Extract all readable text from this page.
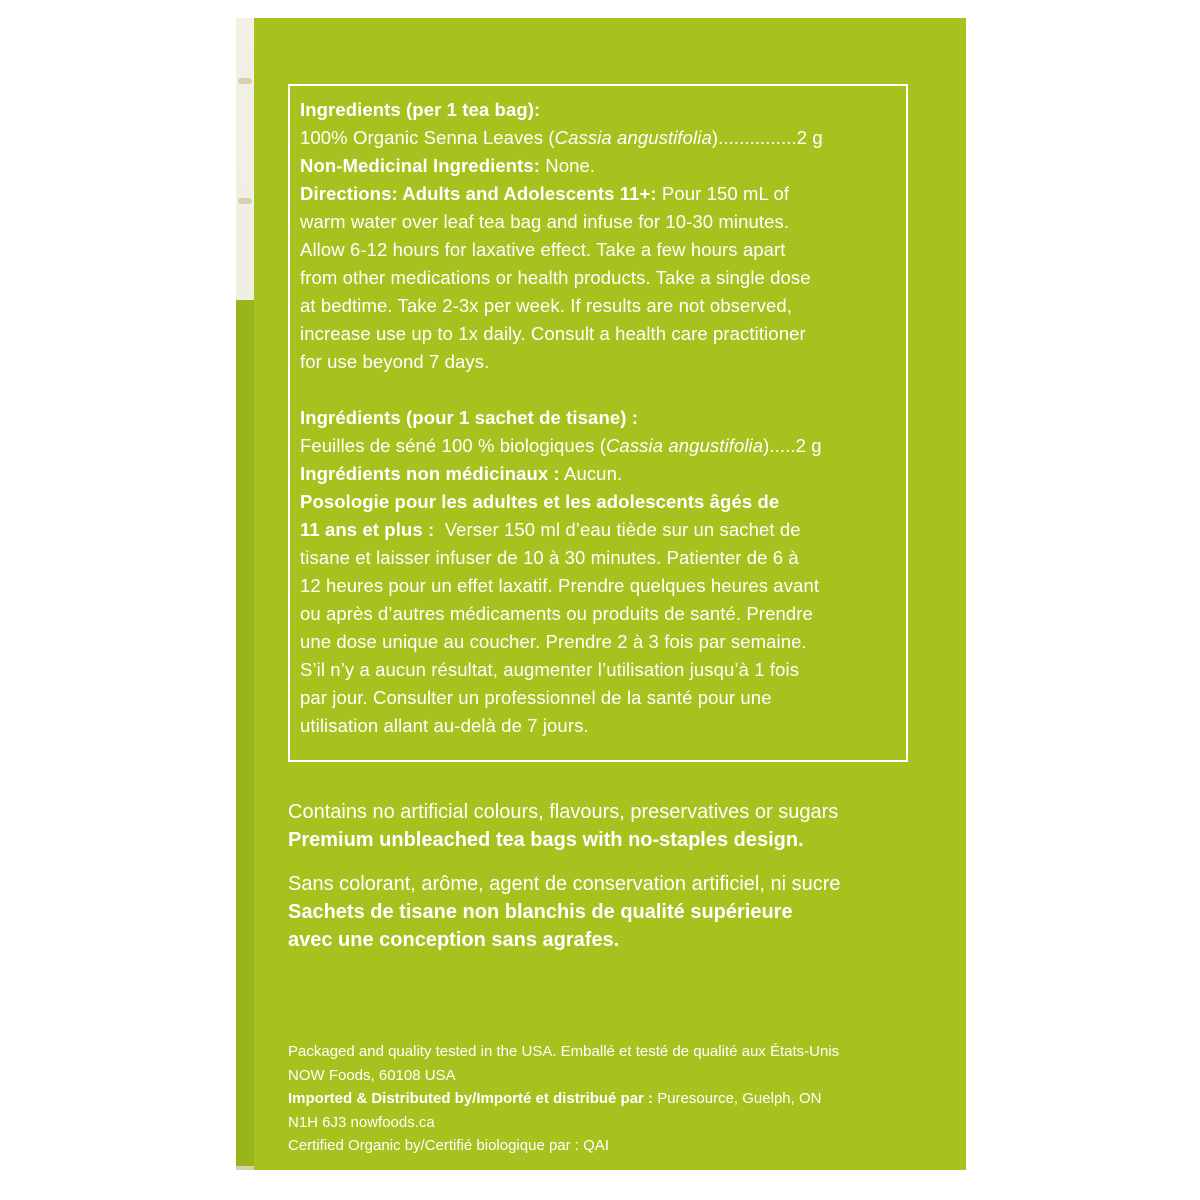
Ingredients (per 1 tea bag):

100% Organic Senna Leaves (Cassia angustifolia)...............2 g

Non-Medicinal Ingredients: None.

Directions: Adults and Adolescents 11+: Pour 150 mL of

warm water over leaf tea bag and infuse for 10-30 minutes.

Allow 6-12 hours for laxative effect. Take a few hours apart

from other medications or health products. Take a single dose

at bedtime. Take 2-3x per week. If results are not observed,

increase use up to 1x daily. Consult a health care practitioner

for use beyond 7 days.

Ingrédients (pour 1 sachet de tisane) :

Feuilles de séné 100 % biologiques (Cassia angustifolia).....2 g

Ingrédients non médicinaux : Aucun.

Posologie pour les adultes et les adolescents âgés de

11 ans et plus :  Verser 150 ml d’eau tiède sur un sachet de

tisane et laisser infuser de 10 à 30 minutes. Patienter de 6 à

12 heures pour un effet laxatif. Prendre quelques heures avant

ou après d’autres médicaments ou produits de santé. Prendre

une dose unique au coucher. Prendre 2 à 3 fois par semaine.

S’il n’y a aucun résultat, augmenter l’utilisation jusqu’à 1 fois

par jour. Consulter un professionnel de la santé pour une

utilisation allant au-delà de 7 jours.

Contains no artificial colours, flavours, preservatives or sugars

Premium unbleached tea bags with no-staples design.

Sans colorant, arôme, agent de conservation artificiel, ni sucre

Sachets de tisane non blanchis de qualité supérieure

avec une conception sans agrafes.

Packaged and quality tested in the USA. Emballé et testé de qualité aux États-Unis

NOW Foods, 60108 USA

Imported & Distributed by/Importé et distribué par : Puresource, Guelph, ON

N1H 6J3 nowfoods.ca

Certified Organic by/Certifié biologique par : QAI
